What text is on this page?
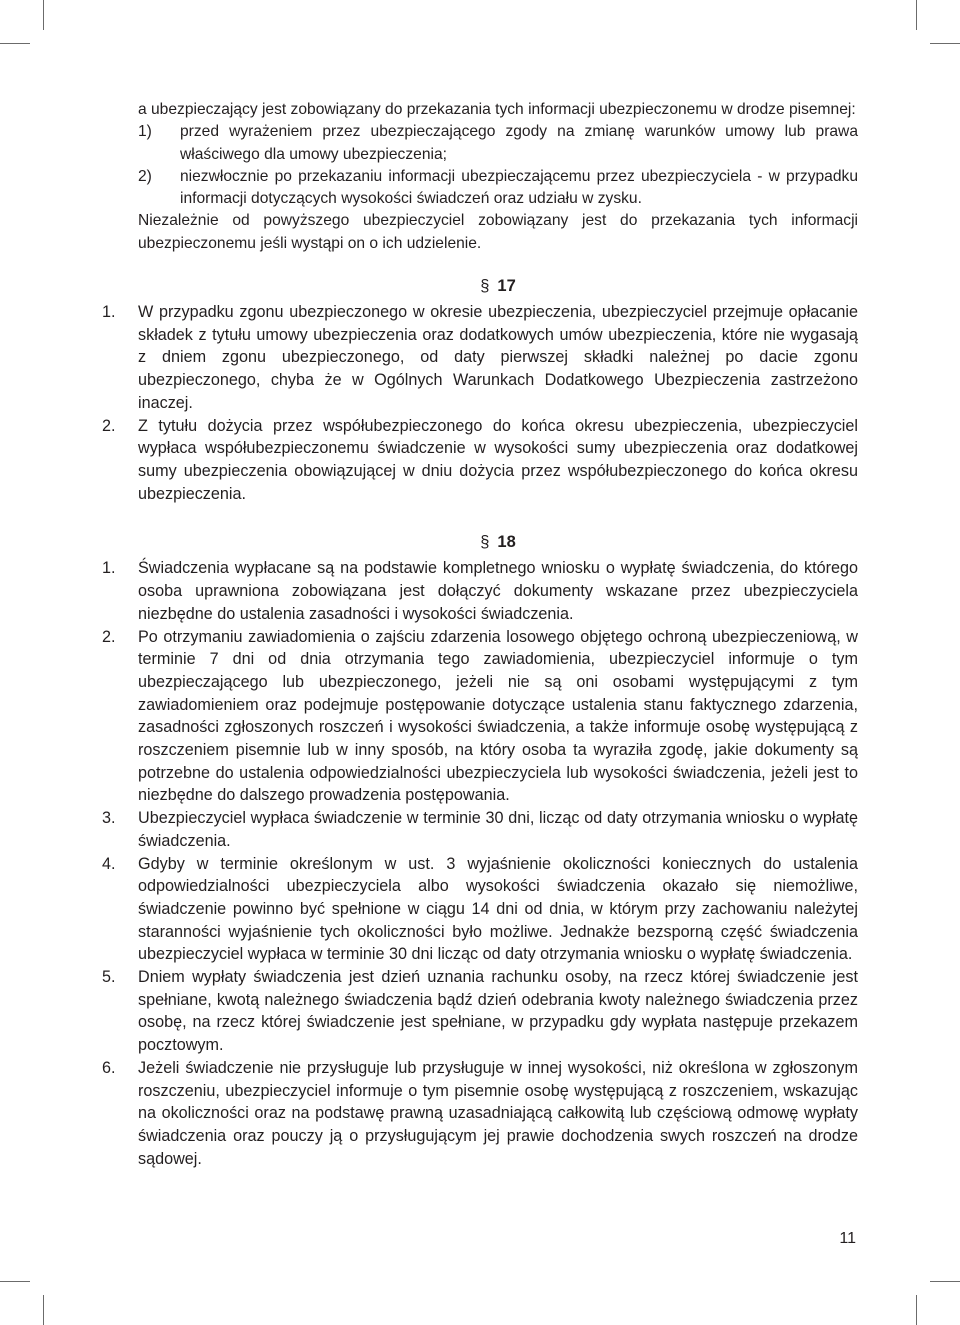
a ubezpieczający jest zobowiązany do przekazania tych informacji ubezpieczonemu w drodze pisemnej:

1)	przed wyrażeniem przez ubezpieczającego zgody na zmianę warunków umowy lub prawa właściwego dla umowy ubezpieczenia;
2)	niezwłocznie po przekazaniu informacji ubezpieczającemu przez ubezpieczyciela - w przypadku informacji dotyczących wysokości świadczeń oraz udziału w zysku.

Niezależnie od powyższego ubezpieczyciel zobowiązany jest do przekazania tych informacji ubezpieczonemu jeśli wystąpi on o ich udzielenie.

§ 17
1.	W przypadku zgonu ubezpieczonego w okresie ubezpieczenia, ubezpieczyciel przejmuje opłacanie składek z tytułu umowy ubezpieczenia oraz dodatkowych umów ubezpieczenia, które nie wygasają z dniem zgonu ubezpieczonego, od daty pierwszej składki należnej po dacie zgonu ubezpieczonego, chyba że w Ogólnych Warunkach Dodatkowego Ubezpieczenia zastrzeżono inaczej.
2.	Z tytułu dożycia przez współubezpieczonego do końca okresu ubezpieczenia, ubezpieczyciel wypłaca współubezpieczonemu świadczenie w wysokości sumy ubezpieczenia oraz dodatkowej sumy ubezpieczenia obowiązującej w dniu dożycia przez współubezpieczonego do końca okresu ubezpieczenia.
§ 18
1.	Świadczenia wypłacane są na podstawie kompletnego wniosku o wypłatę świadczenia, do którego osoba uprawniona zobowiązana jest dołączyć dokumenty wskazane przez ubezpieczyciela niezbędne do ustalenia zasadności i wysokości świadczenia.
2.	Po otrzymaniu zawiadomienia o zajściu zdarzenia losowego objętego ochroną ubezpieczeniową, w terminie 7 dni od dnia otrzymania tego zawiadomienia, ubezpieczyciel informuje o tym ubezpieczającego lub ubezpieczonego, jeżeli nie są oni osobami występującymi z tym zawiadomieniem oraz podejmuje postępowanie dotyczące ustalenia stanu faktycznego zdarzenia, zasadności zgłoszonych roszczeń i wysokości świadczenia, a także informuje osobę występującą z roszczeniem pisemnie lub w inny sposób, na który osoba ta wyraziła zgodę, jakie dokumenty są potrzebne do ustalenia odpowiedzialności ubezpieczyciela lub wysokości świadczenia, jeżeli jest to niezbędne do dalszego prowadzenia postępowania.
3.	Ubezpieczyciel wypłaca świadczenie w terminie 30 dni, licząc od daty otrzymania wniosku o wypłatę świadczenia.
4.	Gdyby w terminie określonym w ust. 3 wyjaśnienie okoliczności koniecznych do ustalenia odpowiedzialności ubezpieczyciela albo wysokości świadczenia okazało się niemożliwe, świadczenie powinno być spełnione w ciągu 14 dni od dnia, w którym przy zachowaniu należytej staranności wyjaśnienie tych okoliczności było możliwe. Jednakże bezsporną część świadczenia ubezpieczyciel wypłaca w terminie 30 dni licząc od daty otrzymania wniosku o wypłatę świadczenia.
5.	Dniem wypłaty świadczenia jest dzień uznania rachunku osoby, na rzecz której świadczenie jest spełniane, kwotą należnego świadczenia bądź dzień odebrania kwoty należnego świadczenia przez osobę, na rzecz której świadczenie jest spełniane, w przypadku gdy wypłata następuje przekazem pocztowym.
6.	Jeżeli świadczenie nie przysługuje lub przysługuje w innej wysokości, niż określona w zgłoszonym roszczeniu, ubezpieczyciel informuje o tym pisemnie osobę występującą z roszczeniem, wskazując na okoliczności oraz na podstawę prawną uzasadniającą całkowitą lub częściową odmowę wypłaty świadczenia oraz pouczy ją o przysługującym jej prawie dochodzenia swych roszczeń na drodze sądowej.
11
